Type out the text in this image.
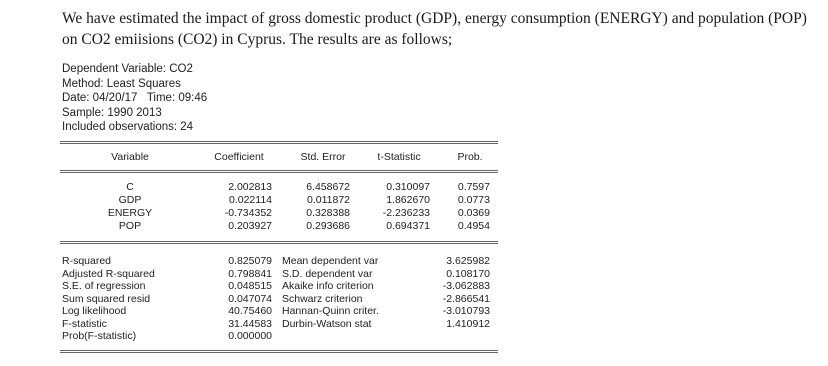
We have estimated the impact of gross domestic product (GDP), energy consumption (ENERGY) and population (POP) on CO2 emiisions (CO2) in Cyprus. The results are as follows;
Dependent Variable: CO2
Method: Least Squares
Date: 04/20/17   Time: 09:46
Sample: 1990 2013
Included observations: 24
Variable	Coefficient	Std. Error	t-Statistic	Prob.
C	2.002813	6.458672	0.310097	0.7597
GDP	0.022114	0.011872	1.862670	0.0773
ENERGY	-0.734352	0.328388	-2.236233	0.0369
POP	0.203927	0.293686	0.694371	0.4954
R-squared	0.825079 Mean dependent var	3.625982
Adjusted R-squared	0.798841 S.D. dependent var	0.108170
S.E. of regression	0.048515 Akaike info criterion	-3.062883
Sum squared resid	0.047074 Schwarz criterion	-2.866541
Log likelihood	40.75460 Hannan-Quinn criter.	-3.010793
F-statistic	31.44583 Durbin-Watson stat	1.410912
Prob(F-statistic)	0.000000
